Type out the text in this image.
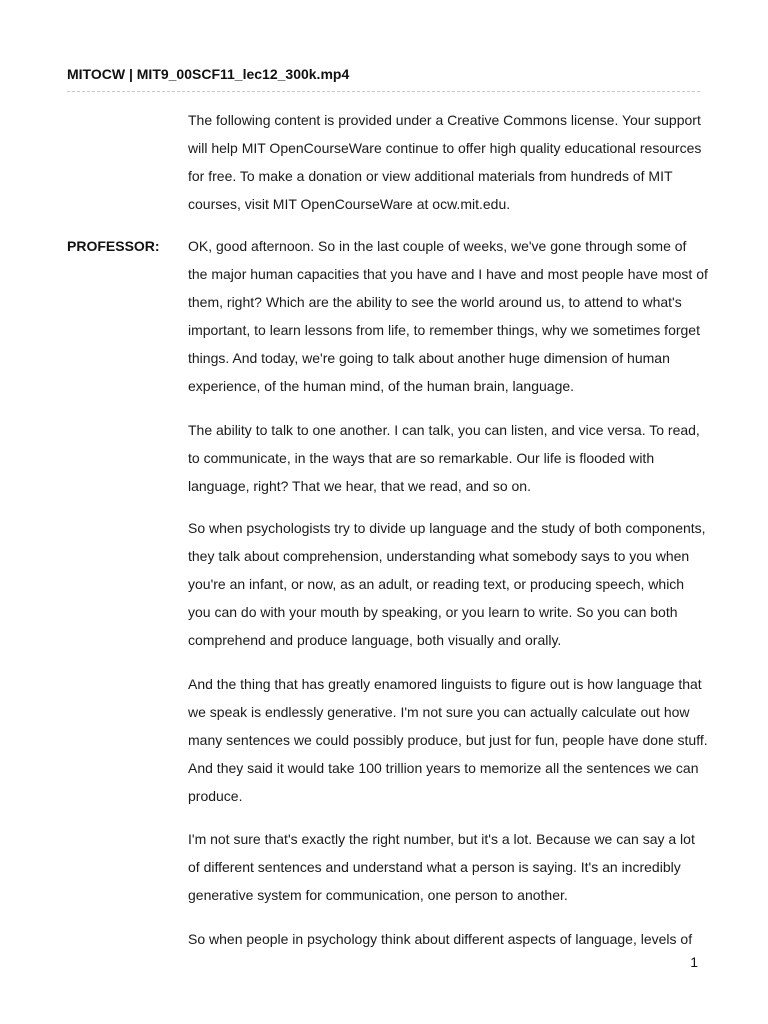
MITOCW | MIT9_00SCF11_lec12_300k.mp4
The following content is provided under a Creative Commons license. Your support
will help MIT OpenCourseWare continue to offer high quality educational resources
for free. To make a donation or view additional materials from hundreds of MIT
courses, visit MIT OpenCourseWare at ocw.mit.edu.
PROFESSOR: OK, good afternoon. So in the last couple of weeks, we've gone through some of
the major human capacities that you have and I have and most people have most of
them, right? Which are the ability to see the world around us, to attend to what's
important, to learn lessons from life, to remember things, why we sometimes forget
things. And today, we're going to talk about another huge dimension of human
experience, of the human mind, of the human brain, language.
The ability to talk to one another. I can talk, you can listen, and vice versa. To read,
to communicate, in the ways that are so remarkable. Our life is flooded with
language, right? That we hear, that we read, and so on.
So when psychologists try to divide up language and the study of both components,
they talk about comprehension, understanding what somebody says to you when
you're an infant, or now, as an adult, or reading text, or producing speech, which
you can do with your mouth by speaking, or you learn to write. So you can both
comprehend and produce language, both visually and orally.
And the thing that has greatly enamored linguists to figure out is how language that
we speak is endlessly generative. I'm not sure you can actually calculate out how
many sentences we could possibly produce, but just for fun, people have done stuff.
And they said it would take 100 trillion years to memorize all the sentences we can
produce.
I'm not sure that's exactly the right number, but it's a lot. Because we can say a lot
of different sentences and understand what a person is saying. It's an incredibly
generative system for communication, one person to another.
So when people in psychology think about different aspects of language, levels of
1
